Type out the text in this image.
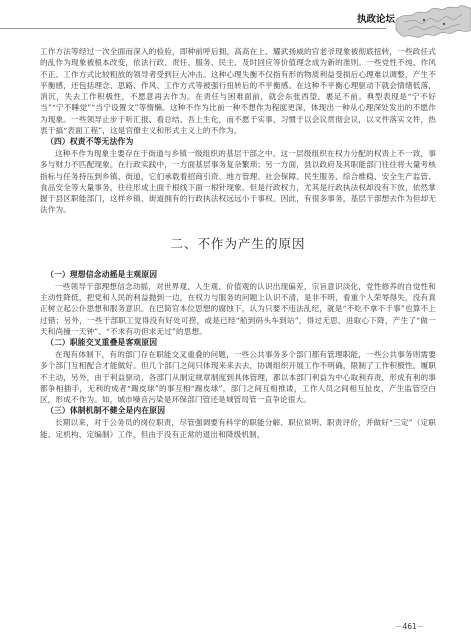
执政论坛

工作方法等经过一次全面而深入的检验，即种前呼后拥、高高在上、耀武扬威的官老爷现象被彻底扭转，一些政任式的乱作为现象被根本改变，依法行政、责任、服务、民主、及时回应等价值理念成为新的准则。一些党性不纯、作风不正、工作方式比较粗放的领导者受到巨大冲击。这种心理失衡不仅指有形的物质利益受损后心理难以调整，产生不平衡感，还包括理念、思路、作风、工作方式等被强行扭转后的不平衡感。在这种不平衡心理驱动下就会情绪低落，消沉，失去工作积极性，不愿意再去作为。在责任与困难面前，就会东张西望，裹足不前。典型表现是“宁不好当”“宁不睡觉”“当宁设置文”等惰懒。这种不作为比前一种不想作为程度更深，体现出一种从心理深处发出的不愿作为现象。一些领导止步于听汇报、看总结、吾上生化，而不愿于实事，习惯于以会议贯彻会议，以文件落实文件，热衷于搞“表面工程”，这是官僚主义和形式主义上的不作为。

（四）权责不等无法作为

这种不作为现象主要存在于街道与乡镇一级组织的基层干部之中。这一层级组织在权力分配的权责上不一致，事多与财力不匹配现象。在行政实践中，一方面基层事务复杂繁琐；另一方面，县以政府及其职能部门往往将大量考核指标与任务持压到乡镇、街道，它们承载着招商引资、地方管理、社会保障、民生服务、综合维稳、安全生产监管、食品安全等大量事务，往往形成上面千根线下面一根针现象。但是行政权力，尤其是行政执法权却没有下放，依然掌握于县区职能部门，这样乡镇、街道拥有的行政执法权远远小于事权。因此，有很多事务，基层干部想去作为但却无法作为。

二、不作为产生的原因

（一）理想信念动摇是主观原因

一些领导干部理想信念动摇，对世界观、人生观、价值观的认识出现偏差，宗旨意识淡化，党性修养的自觉性和主动性降低，把党和人民的利益抛到一边，在权力与服务的问题上认识不清，是非不明，看重个人荣辱得失，没有真正树立起公仆思想和服务意识。在巴简官本位思想的腐蚀下，认为只要不违法乱纪，就是“不吃不拿不干事”也算不上过错；另外，一些干部职工觉得没有好处可捞，或是已经“船到码头车到站”，得过无思，进取心下降，产生了“做一天和尚撞一天钟”、“不求有功但求无过”的思想。

（二）职能交叉重叠是客观原因

在现有体制下，有的部门存在职能交叉重叠的问题，一些公共事务多个部门都有管理职能，一些公共事务则需要多个部门互相配合才能做好。但几个部门之间只体现来来去去，协调组织开展工作不明确，限制了工作积极性，履职不主动，另外，由于利益驱动，各部门从制定规章制度到具体管理，都以本部门利益为中心取利弃责，形成有利的事都争相插手，无利的成者“踢皮球”的事互相“踢皮球”，部门之间互相推诿，工作人员之间相互扯皮，产生监管空白区，形成不作为。如，城市噪音污染是环保部门管还是城管局管一直争论很大。

（三）体制机制不健全是内在原因

长期以来，对于公务员的岗位职责，尽管强调要有科学的职能分解、职位说明、职责评价，并做好“三定”（定职能、定机构、定编制）工作，但由于没有正常的退出和降级机制，

－461－
